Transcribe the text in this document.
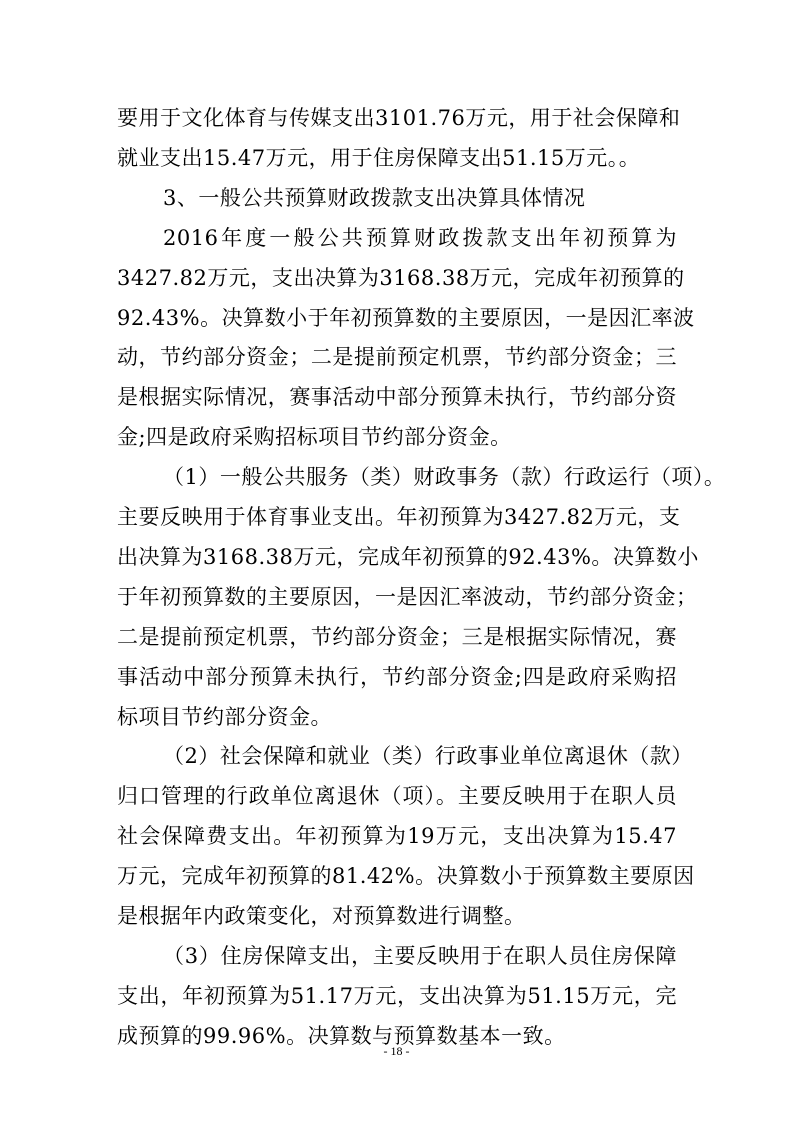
要用于文化体育与传媒支出3101.76万元，用于社会保障和
就业支出15.47万元，用于住房保障支出51.15万元。。
3、一般公共预算财政拨款支出决算具体情况
2016年度一般公共预算财政拨款支出年初预算为
3427.82万元，支出决算为3168.38万元，完成年初预算的
92.43%。决算数小于年初预算数的主要原因，一是因汇率波
动，节约部分资金；二是提前预定机票，节约部分资金；三
是根据实际情况，赛事活动中部分预算未执行，节约部分资
金;四是政府采购招标项目节约部分资金。
（1）一般公共服务（类）财政事务（款）行政运行（项）。
主要反映用于体育事业支出。年初预算为3427.82万元，支
出决算为3168.38万元，完成年初预算的92.43%。决算数小
于年初预算数的主要原因，一是因汇率波动，节约部分资金；
二是提前预定机票，节约部分资金；三是根据实际情况，赛
事活动中部分预算未执行，节约部分资金;四是政府采购招
标项目节约部分资金。
（2）社会保障和就业（类）行政事业单位离退休（款）
归口管理的行政单位离退休（项）。主要反映用于在职人员
社会保障费支出。年初预算为19万元，支出决算为15.47
万元，完成年初预算的81.42%。决算数小于预算数主要原因
是根据年内政策变化，对预算数进行调整。
（3）住房保障支出，主要反映用于在职人员住房保障
支出，年初预算为51.17万元，支出决算为51.15万元，完
成预算的99.96%。决算数与预算数基本一致。
- 18 -
